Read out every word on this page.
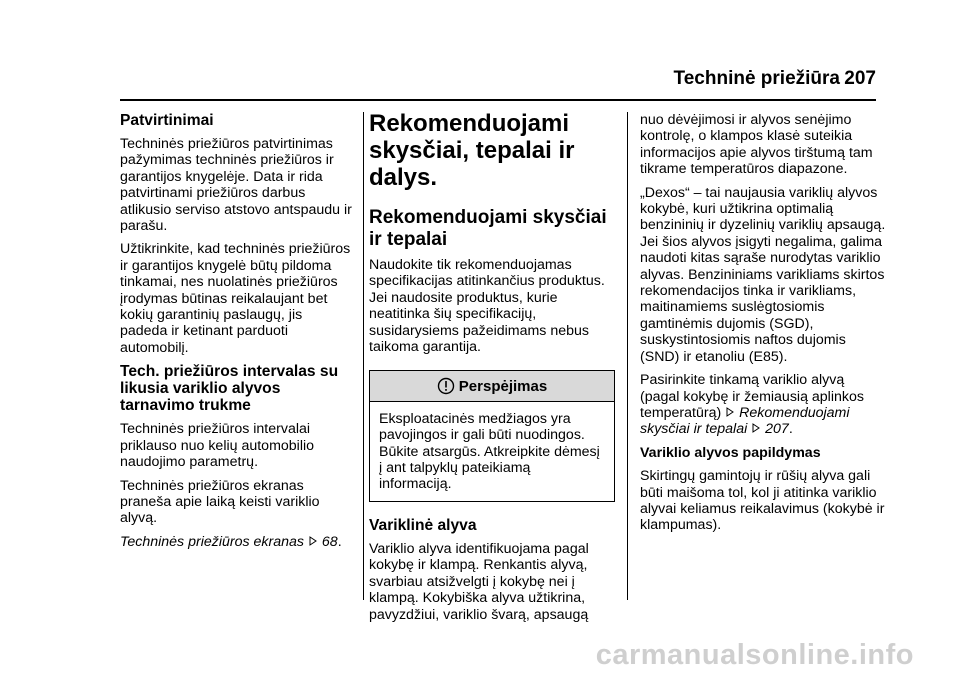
Techninė priežiūra 207
Patvirtinimai

Techninės priežiūros patvirtinimas pažymimas techninės priežiūros ir garantijos knygelėje. Data ir rida patvirtinami priežiūros darbus atlikusio serviso atstovo antspaudu ir parašu.

Užtikrinkite, kad techninės priežiūros ir garantijos knygelė būtų pildoma tinkamai, nes nuolatinės priežiūros įrodymas būtinas reikalaujant bet kokių garantinių paslaugų, jis padeda ir ketinant parduoti automobilį.

Tech. priežiūros intervalas su likusia variklio alyvos tarnavimo trukme

Techninės priežiūros intervalai priklauso nuo kelių automobilio naudojimo parametrų.

Techninės priežiūros ekranas praneša apie laiką keisti variklio alyvą.

Techninės priežiūros ekranas 68.

Rekomenduojami skysčiai, tepalai ir dalys.
Rekomenduojami skysčiai ir tepalai

Naudokite tik rekomenduojamas specifikacijas atitinkančius produktus. Jei naudosite produktus, kurie neatitinka šių specifikacijų, susidarysiems pažeidimams nebus taikoma garantija.

Perspėjimas

Eksploatacinės medžiagos yra pavojingos ir gali būti nuodingos. Būkite atsargūs. Atkreipkite dėmesį į ant talpyklų pateikiamą informaciją.

Variklinė alyva

Variklio alyva identifikuojama pagal kokybę ir klampą. Renkantis alyvą, svarbiau atsižvelgti į kokybę nei į klampą. Kokybiška alyva užtikrina, pavyzdžiui, variklio švarą, apsaugą

nuo dėvėjimosi ir alyvos senėjimo kontrolę, o klampos klasė suteikia informacijos apie alyvos tirštumą tam tikrame temperatūros diapazone.

„Dexos“ – tai naujausia variklių alyvos kokybė, kuri užtikrina optimalią benzininių ir dyzelinių variklių apsaugą. Jei šios alyvos įsigyti negalima, galima naudoti kitas sąraše nurodytas variklio alyvas. Benzininiams varikliams skirtos rekomendacijos tinka ir varikliams, maitinamiems suslėgtosiomis gamtinėmis dujomis (SGD), suskystintosiomis naftos dujomis (SND) ir etanoliu (E85).

Pasirinkite tinkamą variklio alyvą (pagal kokybę ir žemiausią aplinkos temperatūrą) Rekomenduojami skysčiai ir tepalai 207.

Variklio alyvos papildymas

Skirtingų gamintojų ir rūšių alyva gali būti maišoma tol, kol ji atitinka variklio alyvai keliamus reikalavimus (kokybė ir klampumas).

carmanualsonline.info
